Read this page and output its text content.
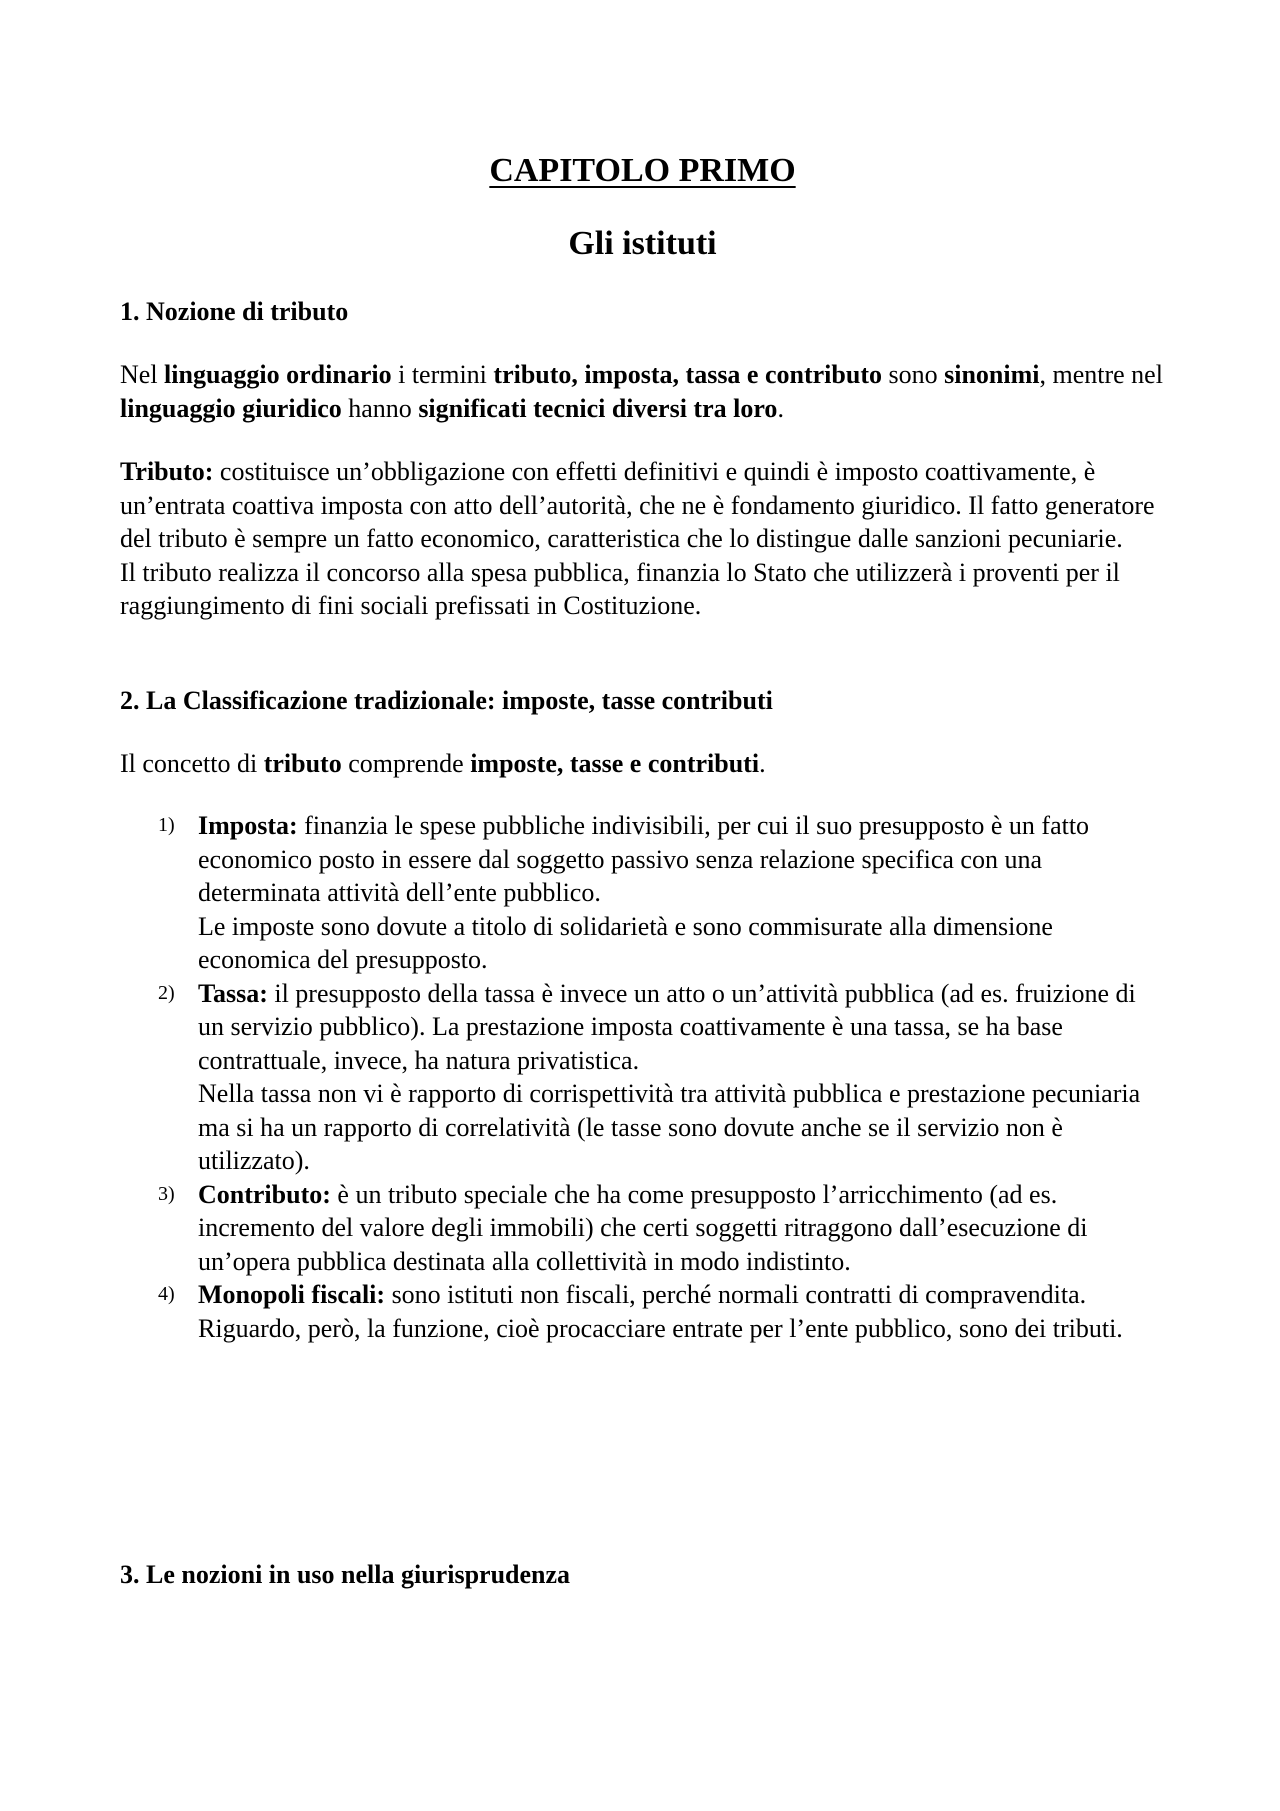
CAPITOLO PRIMO
Gli istituti
1. Nozione di tributo

Nel linguaggio ordinario i termini tributo, imposta, tassa e contributo sono sinonimi, mentre nel linguaggio giuridico hanno significati tecnici diversi tra loro.

Tributo: costituisce un’obbligazione con effetti definitivi e quindi è imposto coattivamente, è un’entrata coattiva imposta con atto dell’autorità, che ne è fondamento giuridico. Il fatto generatore del tributo è sempre un fatto economico, caratteristica che lo distingue dalle sanzioni pecuniarie.

Il tributo realizza il concorso alla spesa pubblica, finanzia lo Stato che utilizzerà i proventi per il raggiungimento di fini sociali prefissati in Costituzione.

2. La Classificazione tradizionale: imposte, tasse contributi

Il concetto di tributo comprende imposte, tasse e contributi.

1) Imposta: finanzia le spese pubbliche indivisibili, per cui il suo presupposto è un fatto economico posto in essere dal soggetto passivo senza relazione specifica con una determinata attività dell’ente pubblico.

Le imposte sono dovute a titolo di solidarietà e sono commisurate alla dimensione economica del presupposto.

2) Tassa: il presupposto della tassa è invece un atto o un’attività pubblica (ad es. fruizione di un servizio pubblico). La prestazione imposta coattivamente è una tassa, se ha base contrattuale, invece, ha natura privatistica.

Nella tassa non vi è rapporto di corrispettività tra attività pubblica e prestazione pecuniaria ma si ha un rapporto di correlatività (le tasse sono dovute anche se il servizio non è utilizzato).

3) Contributo: è un tributo speciale che ha come presupposto l’arricchimento (ad es. incremento del valore degli immobili) che certi soggetti ritraggono dall’esecuzione di un’opera pubblica destinata alla collettività in modo indistinto.

4) Monopoli fiscali: sono istituti non fiscali, perché normali contratti di compravendita. Riguardo, però, la funzione, cioè procacciare entrate per l’ente pubblico, sono dei tributi.

3. Le nozioni in uso nella giurisprudenza
